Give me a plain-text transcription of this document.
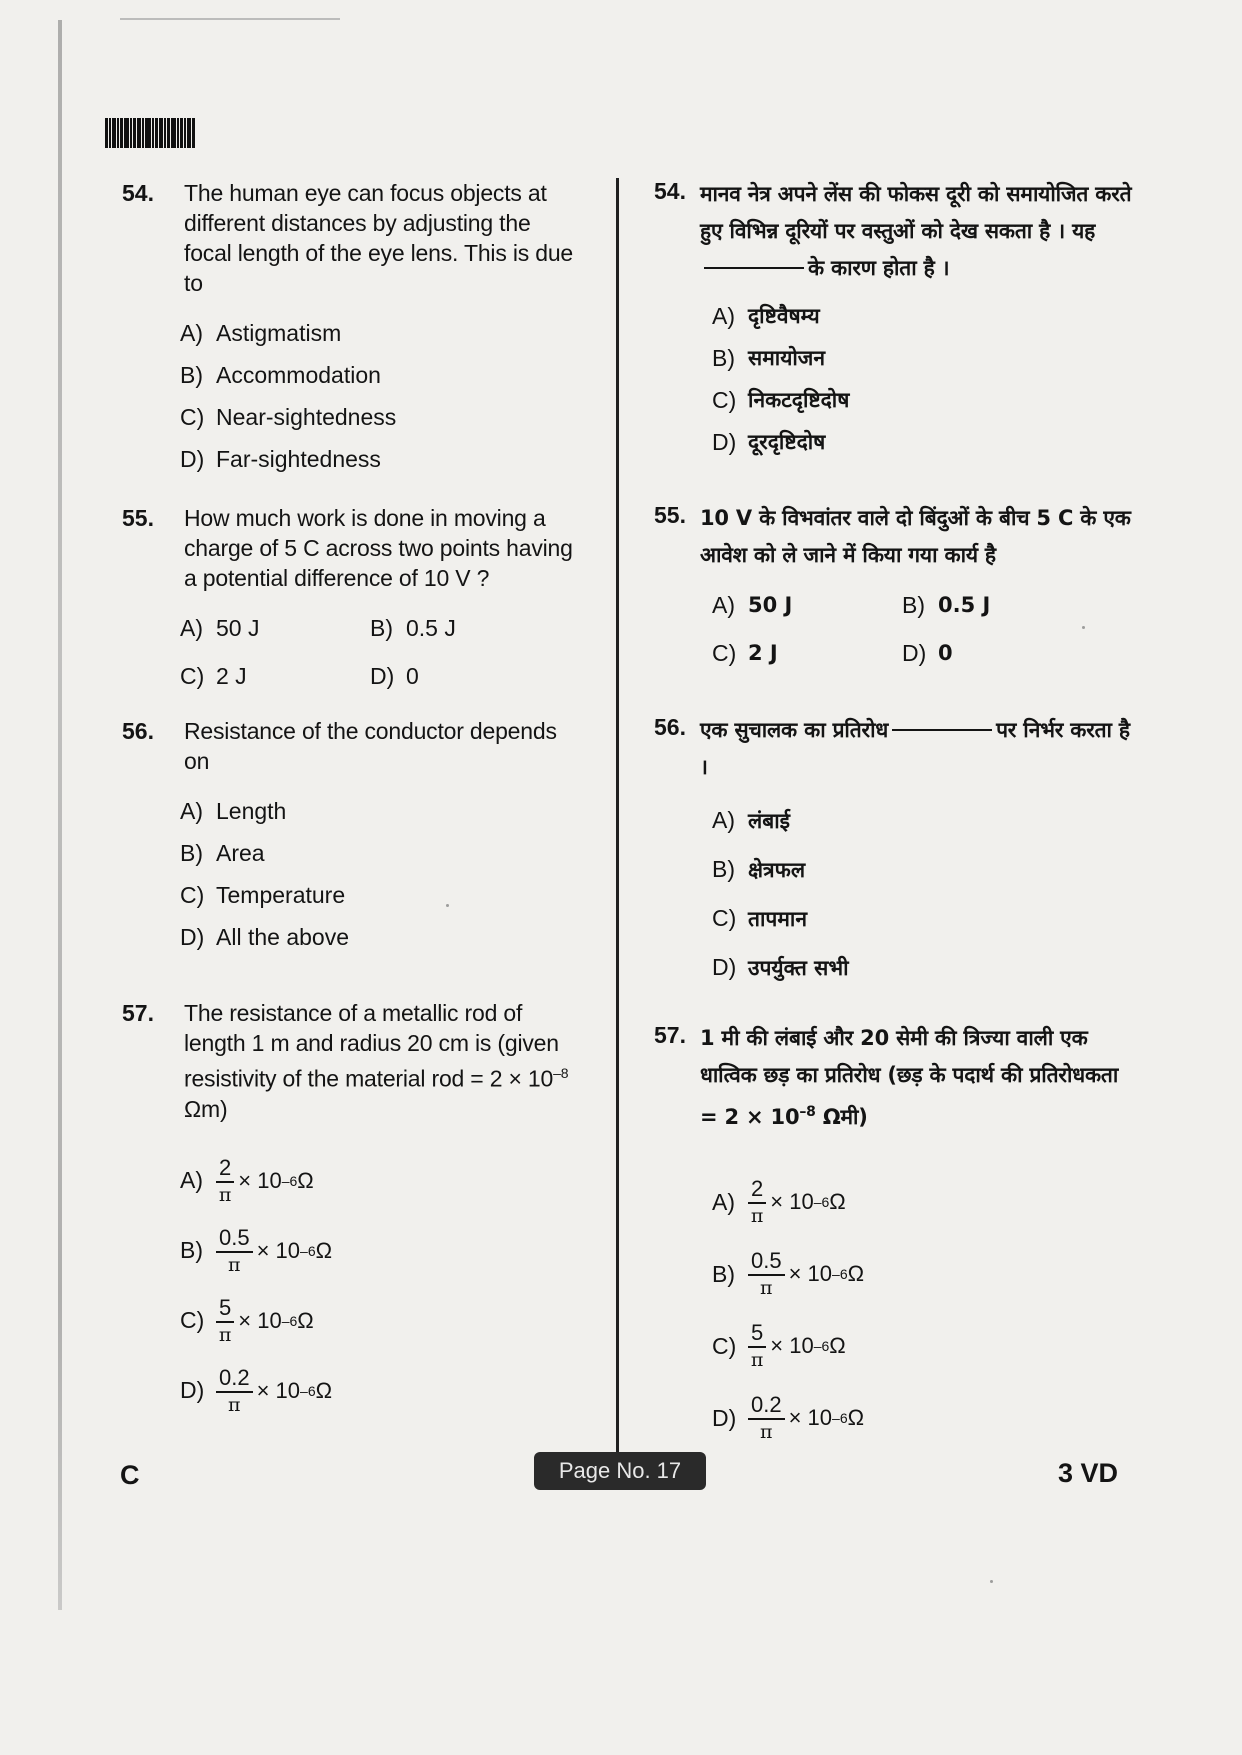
54.	The human eye can focus objects at different distances by adjusting the focal length of the eye lens. This is due to
A) Astigmatism
B) Accommodation
C) Near-sightedness
D) Far-sightedness
55.	How much work is done in moving a charge of 5 C across two points having a potential difference of 10 V ?
A) 50 J	B) 0.5 J
C) 2 J	D) 0
56.	Resistance of the conductor depends on
A) Length
B) Area
C) Temperature
D) All the above
57.	The resistance of a metallic rod of length 1 m and radius 20 cm is (given resistivity of the material rod = $2 \times 10^{-8}$ Ωm)
$A) \frac{2}{\pi} \times 10$ –6 Ω
$B) \frac{0.5}{\pi} \times 10$ –6 Ω
$C) \frac{5}{\pi} \times 10$ –6 Ω
$D) \frac{0.2}{\pi} \times 10$ –6 Ω
54. मानव नेत्र अपने लेंस की फोकस दूरी को समायोजित करते हुए विभिन्न दूरियों पर वस्तुओं को देख सकता है । यहके कारण होता है ।
A) दृष्टिवैषम्य
B) समायोजन
C) निकटदृष्टिदोष
D) दूरदृष्टिदोष
55. 10 V के विभवांतर वाले दो बिंदुओं के बीच 5 C के एक आवेश को ले जाने में किया गया कार्य है
A) 50 J	B) 0.5 J
C) 2 J	D) 0
56. एक सुचालक का प्रतिरोध	पर निर्भर करता है ।
A) लंबाई
B) क्षेत्रफल
C) तापमान
D) उपर्युक्त सभी
57. 1 मी की लंबाई और 20 सेमी की त्रिज्या वाली एक धात्विक छड़ का प्रतिरोध (छड़ के पदार्थ की प्रतिरोधकता = $2 \times 10^{-8}$ Ωमी)
$A) \frac{2}{\pi} \times 10$ –6 Ω
$B) \frac{0.5}{\pi} \times 10$ –6 Ω
$C) \frac{5}{\pi} \times 10$ –6 Ω
$D) \frac{0.2}{\pi} \times 10$ –6 Ω
C	Page No. 17	3 VD
